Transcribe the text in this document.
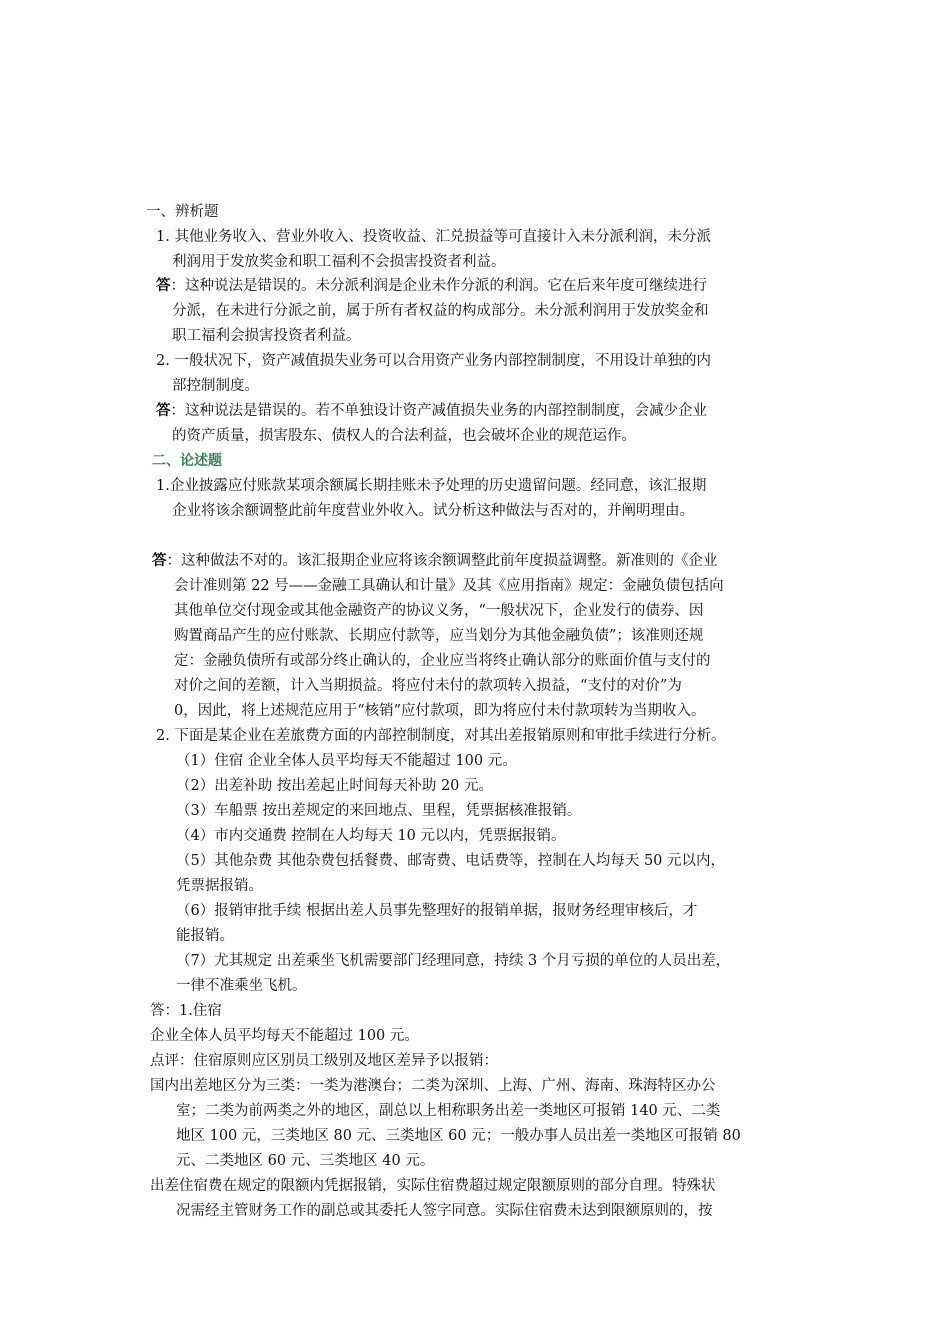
一、辨析题
1. 其他业务收入、营业外收入、投资收益、汇兑损益等可直接计入未分派利润，未分派
利润用于发放奖金和职工福利不会损害投资者利益。
答：这种说法是错误的。未分派利润是企业未作分派的利润。它在后来年度可继续进行
分派，在未进行分派之前，属于所有者权益的构成部分。未分派利润用于发放奖金和
职工福利会损害投资者利益。
2. 一般状况下，资产减值损失业务可以合用资产业务内部控制制度，不用设计单独的内
部控制制度。
答：这种说法是错误的。若不单独设计资产减值损失业务的内部控制制度，会减少企业
的资产质量，损害股东、债权人的合法利益，也会破坏企业的规范运作。
二、论述题
1.企业披露应付账款某项余额属长期挂账未予处理的历史遗留问题。经同意，该汇报期
企业将该余额调整此前年度营业外收入。试分析这种做法与否对的，并阐明理由。
答：这种做法不对的。该汇报期企业应将该余额调整此前年度损益调整。新准则的《企业
会计准则第 22 号——金融工具确认和计量》及其《应用指南》规定：金融负债包括向
其他单位交付现金或其他金融资产的协议义务，“一般状况下，企业发行的债券、因
购置商品产生的应付账款、长期应付款等，应当划分为其他金融负债”；该准则还规
定：金融负债所有或部分终止确认的，企业应当将终止确认部分的账面价值与支付的
对价之间的差额，计入当期损益。将应付未付的款项转入损益，“支付的对价”为
0，因此，将上述规范应用于“核销”应付款项，即为将应付未付款项转为当期收入。
2. 下面是某企业在差旅费方面的内部控制制度，对其出差报销原则和审批手续进行分析。
（1）住宿 企业全体人员平均每天不能超过 100 元。
（2）出差补助 按出差起止时间每天补助 20 元。
（3）车船票 按出差规定的来回地点、里程，凭票据核准报销。
（4）市内交通费 控制在人均每天 10 元以内，凭票据报销。
（5）其他杂费 其他杂费包括餐费、邮寄费、电话费等，控制在人均每天 50 元以内，
凭票据报销。
（6）报销审批手续 根据出差人员事先整理好的报销单据，报财务经理审核后，才
能报销。
（7）尤其规定 出差乘坐飞机需要部门经理同意，持续 3 个月亏损的单位的人员出差，
一律不准乘坐飞机。
答：1.住宿
企业全体人员平均每天不能超过 100 元。
点评：住宿原则应区别员工级别及地区差异予以报销：
国内出差地区分为三类：一类为港澳台；二类为深圳、上海、广州、海南、珠海特区办公
室；二类为前两类之外的地区，副总以上相称职务出差一类地区可报销 140 元、二类
地区 100 元，三类地区 80 元、三类地区 60 元；一般办事人员出差一类地区可报销 80
元、二类地区 60 元、三类地区 40 元。
出差住宿费在规定的限额内凭据报销，实际住宿费超过规定限额原则的部分自理。特殊状
况需经主管财务工作的副总或其委托人签字同意。实际住宿费未达到限额原则的，按
